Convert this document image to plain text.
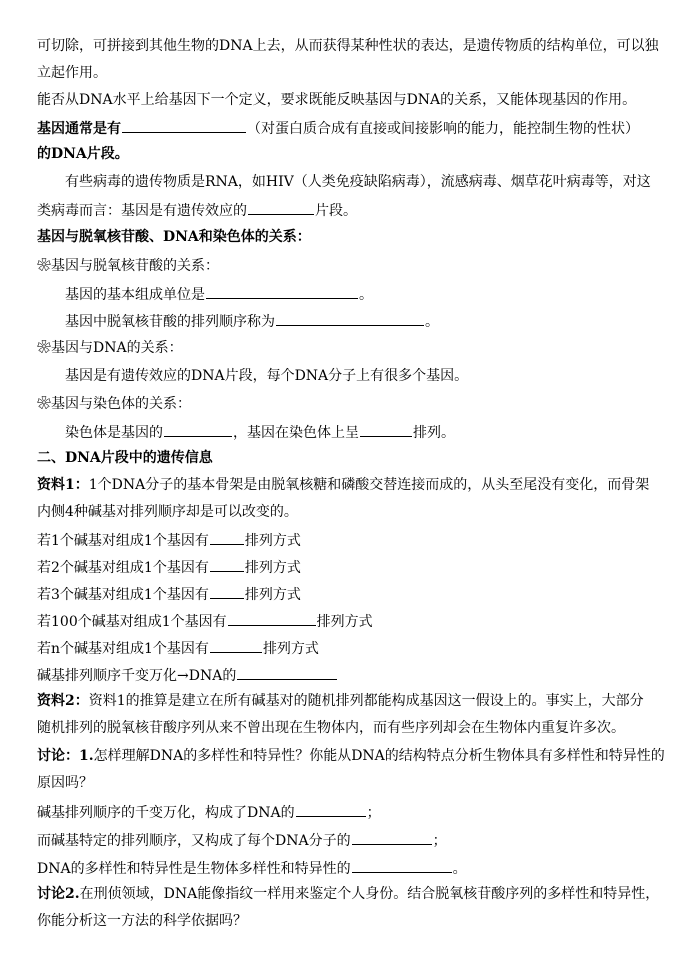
可切除，可拼接到其他生物的DNA上去，从而获得某种性状的表达，是遗传物质的结构单位，可以独
立起作用。
能否从DNA水平上给基因下一个定义，要求既能反映基因与DNA的关系，又能体现基因的作用。
基因通常是有	（对蛋白质合成有直接或间接影响的能力，能控制生物的性状）
的DNA片段。
有些病毒的遗传物质是RNA，如HIV（人类免疫缺陷病毒），流感病毒、烟草花叶病毒等，对这
类病毒而言：基因是有遗传效应的	片段。
基因与脱氧核苷酸、DNA和染色体的关系：
❀基因与脱氧核苷酸的关系：
基因的基本组成单位是	。
基因中脱氧核苷酸的排列顺序称为	。
❀基因与DNA的关系：
基因是有遗传效应的DNA片段，每个DNA分子上有很多个基因。
❀基因与染色体的关系：
染色体是基因的	，基因在染色体上呈	排列。
二、DNA片段中的遗传信息
资料1：1个DNA分子的基本骨架是由脱氧核糖和磷酸交替连接而成的，从头至尾没有变化，而骨架
内侧4种碱基对排列顺序却是可以改变的。
若1个碱基对组成1个基因有	排列方式
若2个碱基对组成1个基因有	排列方式
若3个碱基对组成1个基因有	排列方式
若100个碱基对组成1个基因有	排列方式
若n个碱基对组成1个基因有	排列方式
碱基排列顺序千变万化→DNA的
资料2：资料1的推算是建立在所有碱基对的随机排列都能构成基因这一假设上的。事实上，大部分
随机排列的脱氧核苷酸序列从来不曾出现在生物体内，而有些序列却会在生物体内重复许多次。
讨论：1.怎样理解DNA的多样性和特异性？你能从DNA的结构特点分析生物体具有多样性和特异性的
原因吗？
碱基排列顺序的千变万化，构成了DNA的	；
而碱基特定的排列顺序，又构成了每个DNA分子的	；
DNA的多样性和特异性是生物体多样性和特异性的	。
讨论2.在刑侦领域，DNA能像指纹一样用来鉴定个人身份。结合脱氧核苷酸序列的多样性和特异性，
你能分析这一方法的科学依据吗？
